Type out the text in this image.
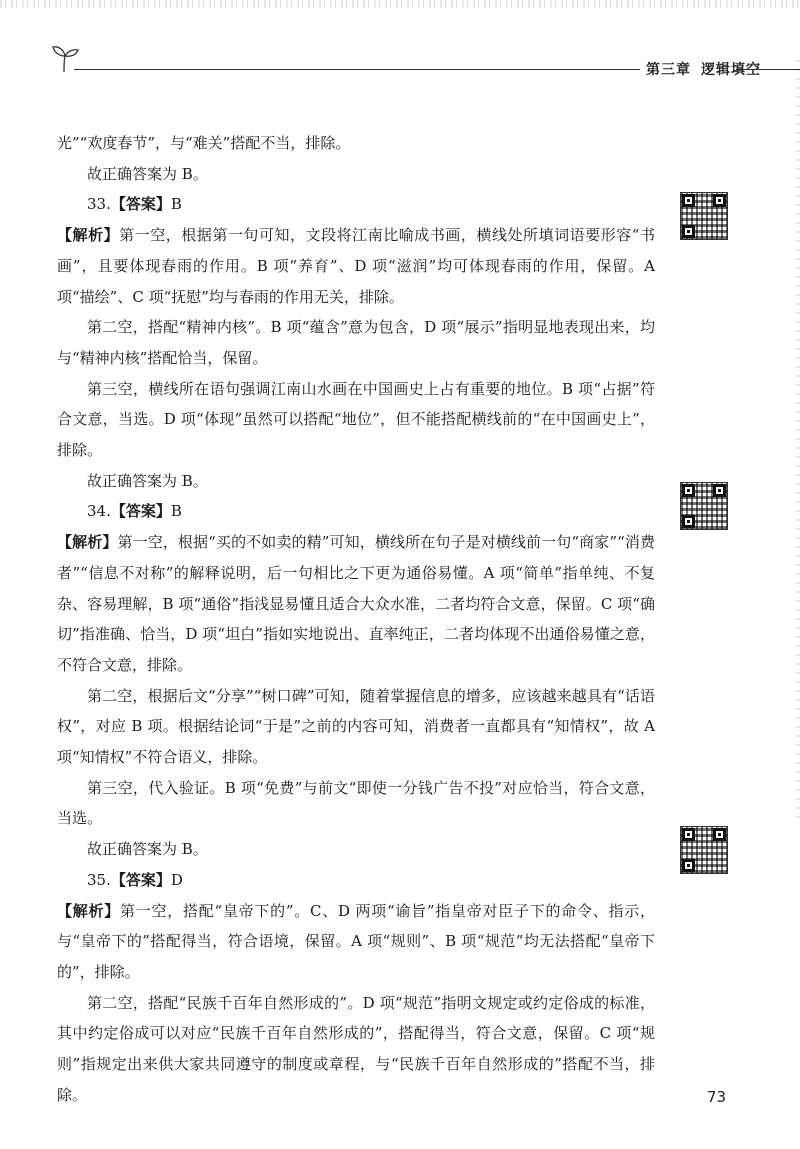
第三章 逻辑填空

光”“欢度春节”，与“难关”搭配不当，排除。

故正确答案为 B。

33.【答案】B

【解析】第一空，根据第一句可知，文段将江南比喻成书画，横线处所填词语要形容“书画”，且要体现春雨的作用。B 项“养育”、D 项“滋润”均可体现春雨的作用，保留。A 项“描绘”、C 项“抚慰”均与春雨的作用无关，排除。

第二空，搭配“精神内核”。B 项“蕴含”意为包含，D 项“展示”指明显地表现出来，均与“精神内核”搭配恰当，保留。

第三空，横线所在语句强调江南山水画在中国画史上占有重要的地位。B 项“占据”符合文意，当选。D 项“体现”虽然可以搭配“地位”，但不能搭配横线前的“在中国画史上”，排除。

故正确答案为 B。

34.【答案】B

【解析】第一空，根据“买的不如卖的精”可知，横线所在句子是对横线前一句“商家”“消费者”“信息不对称”的解释说明，后一句相比之下更为通俗易懂。A 项“简单”指单纯、不复杂、容易理解，B 项“通俗”指浅显易懂且适合大众水准，二者均符合文意，保留。C 项“确切”指准确、恰当，D 项“坦白”指如实地说出、直率纯正，二者均体现不出通俗易懂之意，不符合文意，排除。

第二空，根据后文“分享”“树口碑”可知，随着掌握信息的增多，应该越来越具有“话语权”，对应 B 项。根据结论词“于是”之前的内容可知，消费者一直都具有“知情权”，故 A 项“知情权”不符合语义，排除。

第三空，代入验证。B 项“免费”与前文“即使一分钱广告不投”对应恰当，符合文意，当选。

故正确答案为 B。

35.【答案】D

【解析】第一空，搭配“皇帝下的”。C、D 两项“谕旨”指皇帝对臣子下的命令、指示，与“皇帝下的”搭配得当，符合语境，保留。A 项“规则”、B 项“规范”均无法搭配“皇帝下的”，排除。

第二空，搭配“民族千百年自然形成的”。D 项“规范”指明文规定或约定俗成的标准，其中约定俗成可以对应“民族千百年自然形成的”，搭配得当，符合文意，保留。C 项“规则”指规定出来供大家共同遵守的制度或章程，与“民族千百年自然形成的”搭配不当，排除。	73
